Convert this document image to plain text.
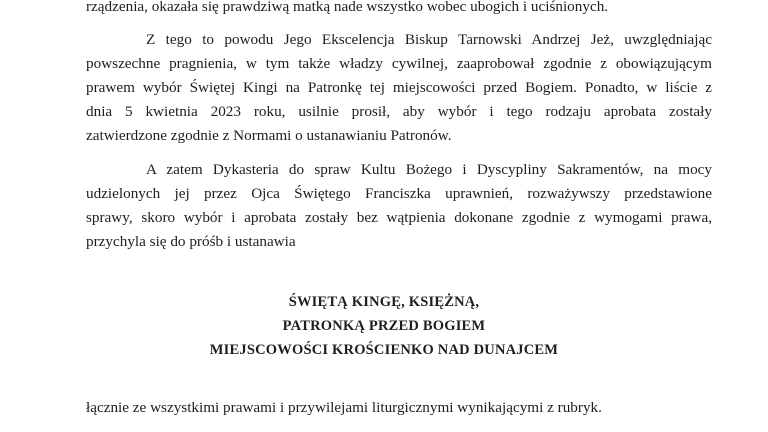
rządzenia, okazała się prawdziwą matką nade wszystko wobec ubogich i uciśnionych.
Z tego to powodu Jego Ekscelencja Biskup Tarnowski Andrzej Jeż, uwzględniając
powszechne pragnienia, w tym także władzy cywilnej, zaaprobował zgodnie z obowiązującym
prawem wybór Świętej Kingi na Patronkę tej miejscowości przed Bogiem. Ponadto, w liście z
dnia 5 kwietnia 2023 roku, usilnie prosił, aby wybór i tego rodzaju aprobata zostały
zatwierdzone zgodnie z Normami o ustanawianiu Patronów.
A zatem Dykasteria do spraw Kultu Bożego i Dyscypliny Sakramentów, na mocy
udzielonych jej przez Ojca Świętego Franciszka uprawnień, rozważywszy przedstawione
sprawy, skoro wybór i aprobata zostały bez wątpienia dokonane zgodnie z wymogami prawa,
przychyla się do próśb i ustanawia
ŚWIĘTĄ KINGĘ, KSIĘŻNĄ,
PATRONKĄ PRZED BOGIEM
MIEJSCOWOŚCI KROŚCIENKO NAD DUNAJCEM
łącznie ze wszystkimi prawami i przywilejami liturgicznymi wynikającymi z rubryk.
